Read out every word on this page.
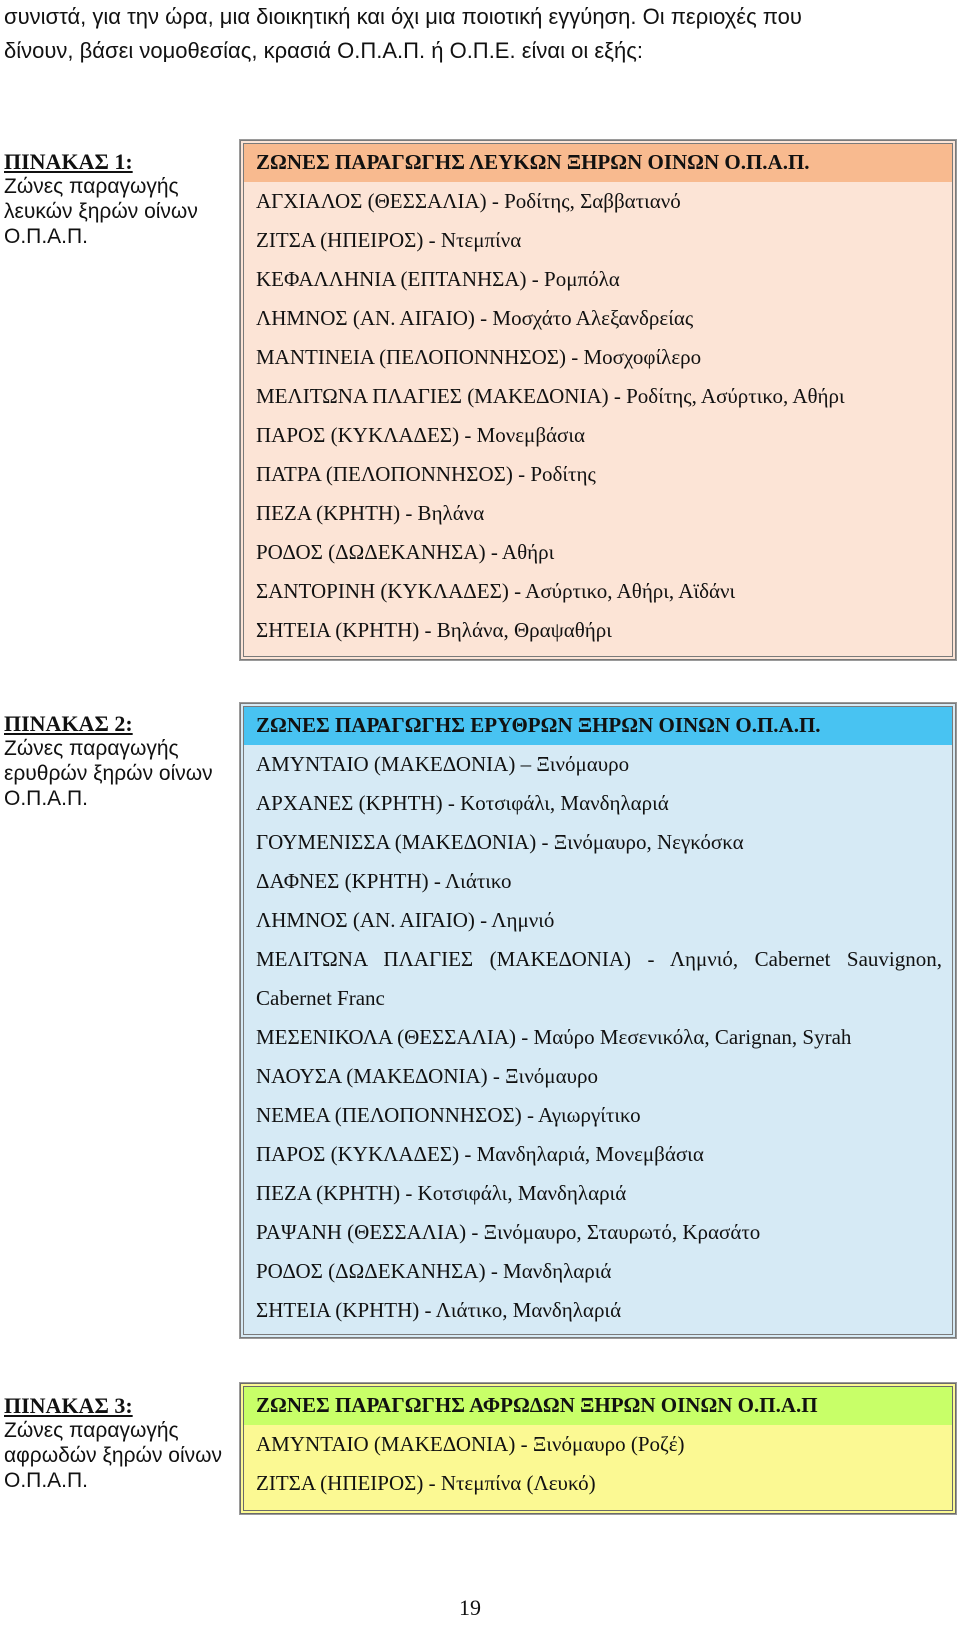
συνιστά, για την ώρα, μια διοικητική και όχι μια ποιοτική εγγύηση. Οι περιοχές που

δίνουν, βάσει νομοθεσίας, κρασιά Ο.Π.Α.Π. ή Ο.Π.Ε. είναι οι εξής:

ΠΙΝΑΚΑΣ 1:
Ζώνες παραγωγής
λευκών ξηρών οίνων
Ο.Π.Α.Π.
ΖΩΝΕΣ ΠΑΡΑΓΩΓΗΣ ΛΕΥΚΩΝ ΞΗΡΩΝ ΟΙΝΩΝ Ο.Π.Α.Π.
ΑΓΧΙΑΛΟΣ (ΘΕΣΣΑΛΙΑ) - Ροδίτης, Σαββατιανό
ΖΙΤΣΑ (ΗΠΕΙΡΟΣ) - Ντεμπίνα
ΚΕΦΑΛΛΗΝΙΑ (ΕΠΤΑΝΗΣΑ) - Ρομπόλα
ΛΗΜΝΟΣ (ΑΝ. ΑΙΓΑΙΟ) - Μοσχάτο Αλεξανδρείας
ΜΑΝΤΙΝΕΙΑ (ΠΕΛΟΠΟΝΝΗΣΟΣ) - Μοσχοφίλερο
ΜΕΛΙΤΩΝΑ ΠΛΑΓΙΕΣ (ΜΑΚΕΔΟΝΙΑ) - Ροδίτης, Ασύρτικο, Αθήρι
ΠΑΡΟΣ (ΚΥΚΛΑΔΕΣ) - Μονεμβάσια
ΠΑΤΡΑ (ΠΕΛΟΠΟΝΝΗΣΟΣ) - Ροδίτης
ΠΕΖΑ (ΚΡΗΤΗ) - Βηλάνα
ΡΟΔΟΣ (ΔΩΔΕΚΑΝΗΣΑ) - Αθήρι
ΣΑΝΤΟΡΙΝΗ (ΚΥΚΛΑΔΕΣ) - Ασύρτικο, Αθήρι, Αϊδάνι
ΣΗΤΕΙΑ (ΚΡΗΤΗ) - Βηλάνα, Θραψαθήρι
ΠΙΝΑΚΑΣ 2:
Ζώνες παραγωγής
ερυθρών ξηρών οίνων
Ο.Π.Α.Π.
ΖΩΝΕΣ ΠΑΡΑΓΩΓΗΣ ΕΡΥΘΡΩΝ ΞΗΡΩΝ ΟΙΝΩΝ Ο.Π.Α.Π.
ΑΜΥΝΤΑΙΟ (ΜΑΚΕΔΟΝΙΑ) – Ξινόμαυρο
ΑΡΧΑΝΕΣ (ΚΡΗΤΗ) - Κοτσιφάλι, Μανδηλαριά
ΓΟΥΜΕΝΙΣΣΑ (ΜΑΚΕΔΟΝΙΑ) - Ξινόμαυρο, Νεγκόσκα
ΔΑΦΝΕΣ (ΚΡΗΤΗ) - Λιάτικο
ΛΗΜΝΟΣ (ΑΝ. ΑΙΓΑΙΟ) - Λημνιό
ΜΕΛΙΤΩΝΑ ΠΛΑΓΙΕΣ (ΜΑΚΕΔΟΝΙΑ) - Λημνιό, Cabernet Sauvignon,
Cabernet Franc
ΜΕΣΕΝΙΚΟΛΑ (ΘΕΣΣΑΛΙΑ) - Μαύρο Μεσενικόλα, Carignan, Syrah
ΝΑΟΥΣΑ (ΜΑΚΕΔΟΝΙΑ) - Ξινόμαυρο
ΝΕΜΕΑ (ΠΕΛΟΠΟΝΝΗΣΟΣ) - Αγιωργίτικο
ΠΑΡΟΣ (ΚΥΚΛΑΔΕΣ) - Μανδηλαριά, Μονεμβάσια
ΠΕΖΑ (ΚΡΗΤΗ) - Κοτσιφάλι, Μανδηλαριά
ΡΑΨΑΝΗ (ΘΕΣΣΑΛΙΑ) - Ξινόμαυρο, Σταυρωτό, Κρασάτο
ΡΟΔΟΣ (ΔΩΔΕΚΑΝΗΣΑ) - Μανδηλαριά
ΣΗΤΕΙΑ (ΚΡΗΤΗ) - Λιάτικο, Μανδηλαριά
ΠΙΝΑΚΑΣ 3:
Ζώνες παραγωγής
αφρωδών ξηρών οίνων
Ο.Π.Α.Π.
ΖΩΝΕΣ ΠΑΡΑΓΩΓΗΣ ΑΦΡΩΔΩΝ ΞΗΡΩΝ ΟΙΝΩΝ Ο.Π.Α.Π
ΑΜΥΝΤΑΙΟ (ΜΑΚΕΔΟΝΙΑ) - Ξινόμαυρο (Ροζέ)
ΖΙΤΣΑ (ΗΠΕΙΡΟΣ) - Ντεμπίνα (Λευκό)
19
